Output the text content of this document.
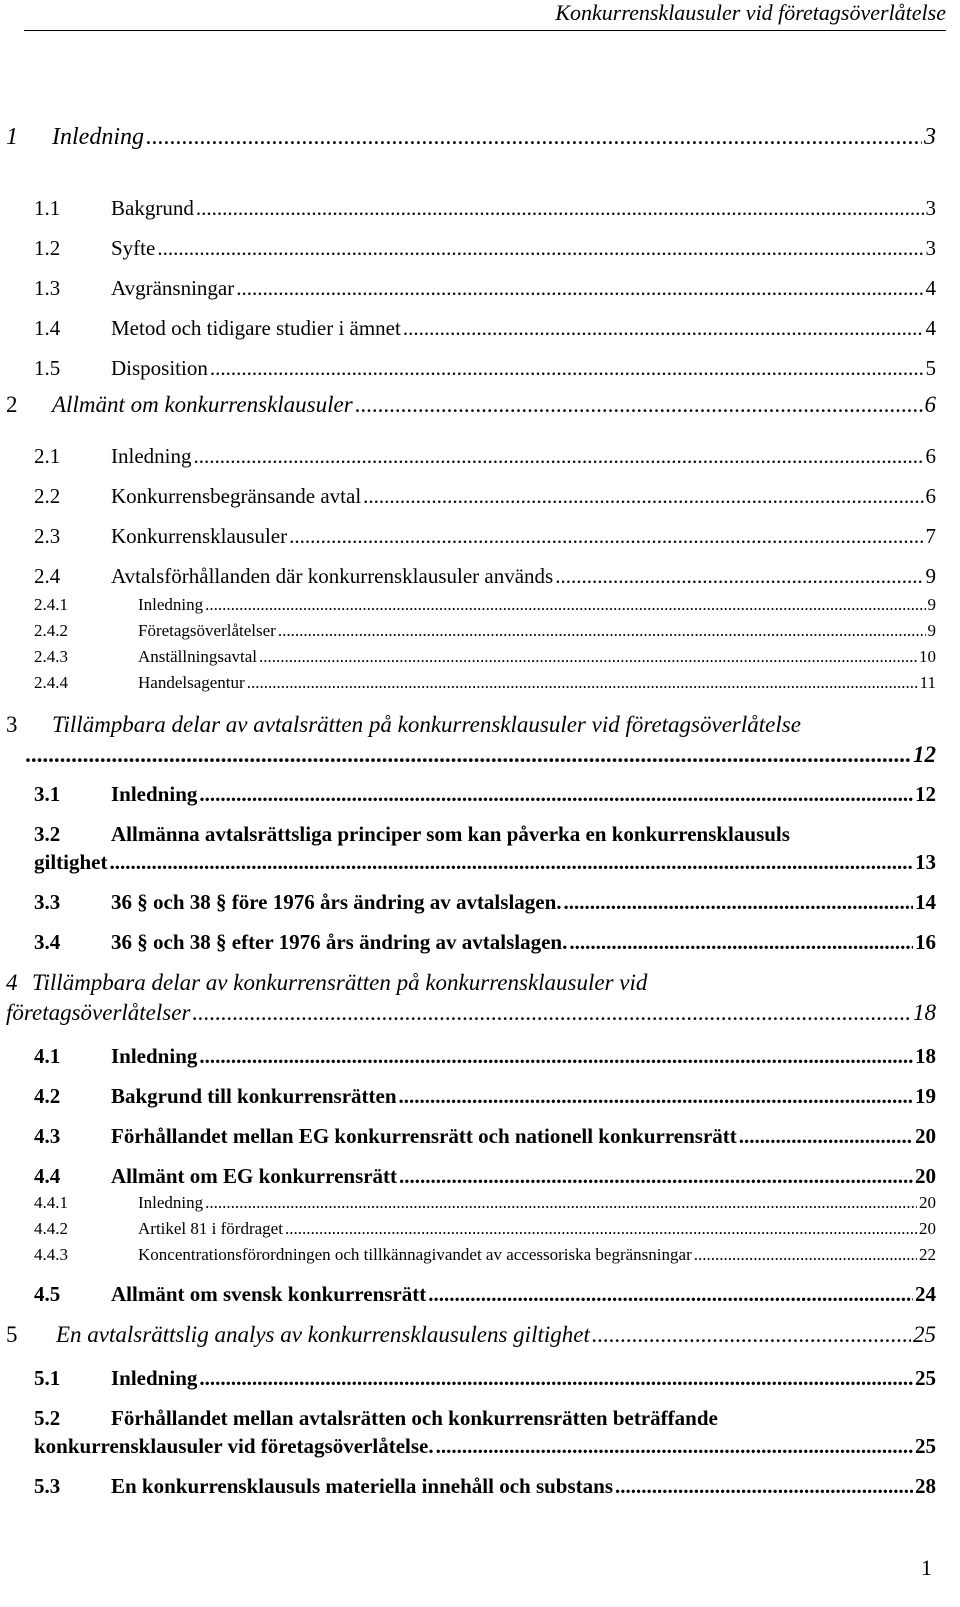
Konkurrensklausuler vid företagsöverlåtelse
1	Inledning .....	3
1.1	Bakgrund .....	3
1.2	Syfte .....	3
1.3	Avgränsningar .....	4
1.4	Metod och tidigare studier i ämnet .....	4
1.5	Disposition .....	5
2	Allmänt om konkurrensklausuler .....	6
2.1	Inledning .....	6
2.2	Konkurrensbegränsande avtal .....	6
2.3	Konkurrensklausuler .....	7
2.4	Avtalsförhållanden där konkurrensklausuler används .....	9
2.4.1	Inledning .....	9
2.4.2	Företagsöverlåtelser .....	9
2.4.3	Anställningsavtal .....	10
2.4.4	Handelsagentur .....	11
3	Tillämpbara delar av avtalsrätten på konkurrensklausuler vid företagsöverlåtelse
.....
12
3.1	Inledning .....	12
3.2	Allmänna avtalsrättsliga principer som kan påverka en konkurrensklausuls
giltighet .....	13
3.3	36 § och 38 § före 1976 års ändring av avtalslagen. .....	14
3.4	36 § och 38 § efter 1976 års ändring av avtalslagen. .....	16
4 Tillämpbara delar av konkurrensrätten på konkurrensklausuler vid
företagsöverlåtelser .....	18
4.1	Inledning .....	18
4.2	Bakgrund till konkurrensrätten .....	19
4.3	Förhållandet mellan EG konkurrensrätt och nationell konkurrensrätt .....	20
4.4	Allmänt om EG konkurrensrätt .....	20
4.4.1	Inledning .....	20
4.4.2	Artikel 81 i fördraget .....	20
4.4.3	Koncentrationsförordningen och tillkännagivandet av accessoriska begränsningar .....	22
4.5	Allmänt om svensk konkurrensrätt .....	24
5	En avtalsrättslig analys av konkurrensklausulens giltighet .....	25
5.1	Inledning .....	25
5.2	Förhållandet mellan avtalsrätten och konkurrensrätten beträffande
konkurrensklausuler vid företagsöverlåtelse. .....	25
5.3	En konkurrensklausuls materiella innehåll och substans .....	28
1
